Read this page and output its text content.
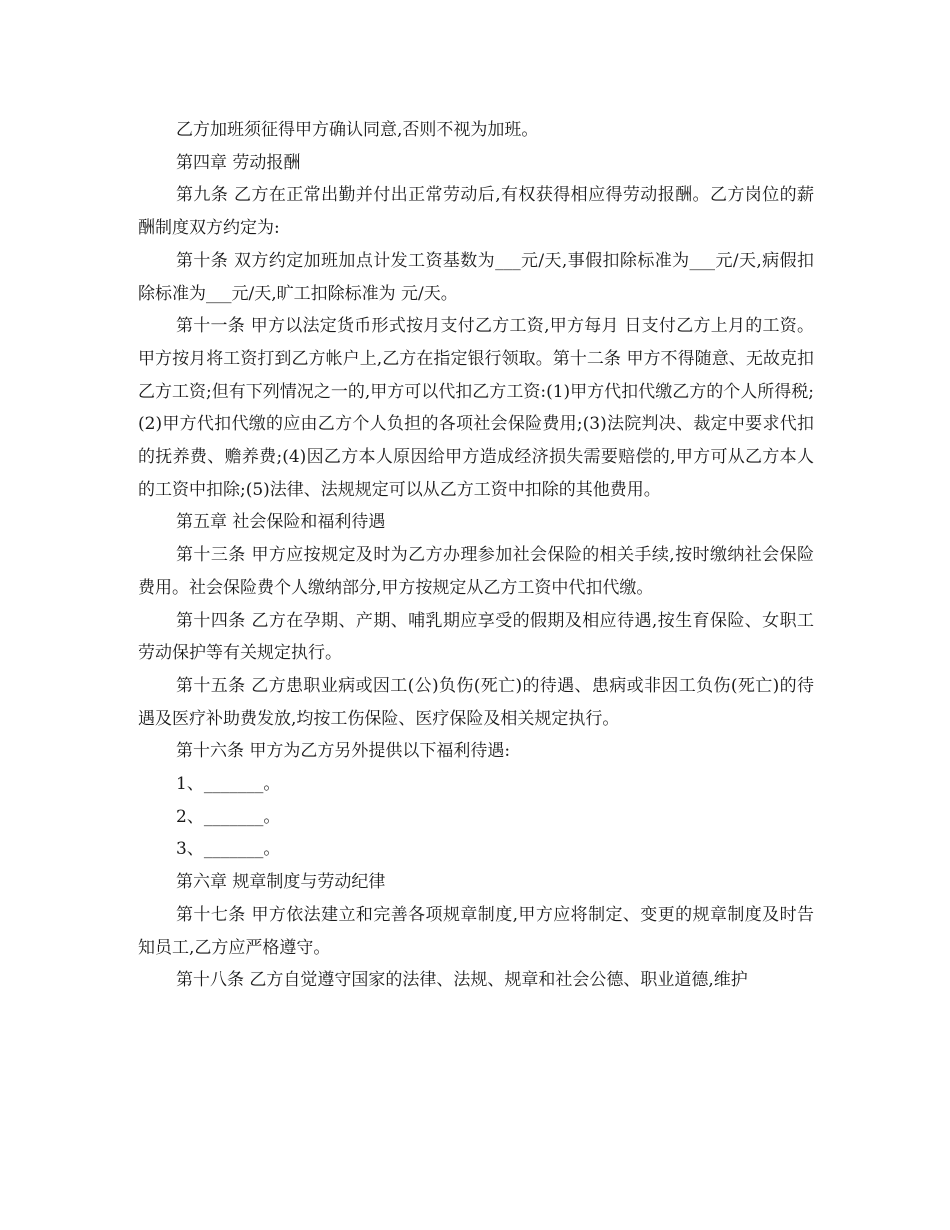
乙方加班须征得甲方确认同意,否则不视为加班。

第四章 劳动报酬

第九条 乙方在正常出勤并付出正常劳动后,有权获得相应得劳动报酬。乙方岗位的薪酬制度双方约定为:

第十条 双方约定加班加点计发工资基数为___元/天,事假扣除标准为___元/天,病假扣除标准为___元/天,旷工扣除标准为 元/天。

第十一条 甲方以法定货币形式按月支付乙方工资,甲方每月 日支付乙方上月的工资。甲方按月将工资打到乙方帐户上,乙方在指定银行领取。第十二条 甲方不得随意、无故克扣乙方工资;但有下列情况之一的,甲方可以代扣乙方工资:(1)甲方代扣代缴乙方的个人所得税;(2)甲方代扣代缴的应由乙方个人负担的各项社会保险费用;(3)法院判决、裁定中要求代扣的抚养费、赡养费;(4)因乙方本人原因给甲方造成经济损失需要赔偿的,甲方可从乙方本人的工资中扣除;(5)法律、法规规定可以从乙方工资中扣除的其他费用。

第五章 社会保险和福利待遇

第十三条 甲方应按规定及时为乙方办理参加社会保险的相关手续,按时缴纳社会保险费用。社会保险费个人缴纳部分,甲方按规定从乙方工资中代扣代缴。

第十四条 乙方在孕期、产期、哺乳期应享受的假期及相应待遇,按生育保险、女职工劳动保护等有关规定执行。

第十五条 乙方患职业病或因工(公)负伤(死亡)的待遇、患病或非因工负伤(死亡)的待遇及医疗补助费发放,均按工伤保险、医疗保险及相关规定执行。

第十六条 甲方为乙方另外提供以下福利待遇:

1、_______。

2、_______。

3、_______。

第六章 规章制度与劳动纪律

第十七条 甲方依法建立和完善各项规章制度,甲方应将制定、变更的规章制度及时告知员工,乙方应严格遵守。

第十八条 乙方自觉遵守国家的法律、法规、规章和社会公德、职业道德,维护
